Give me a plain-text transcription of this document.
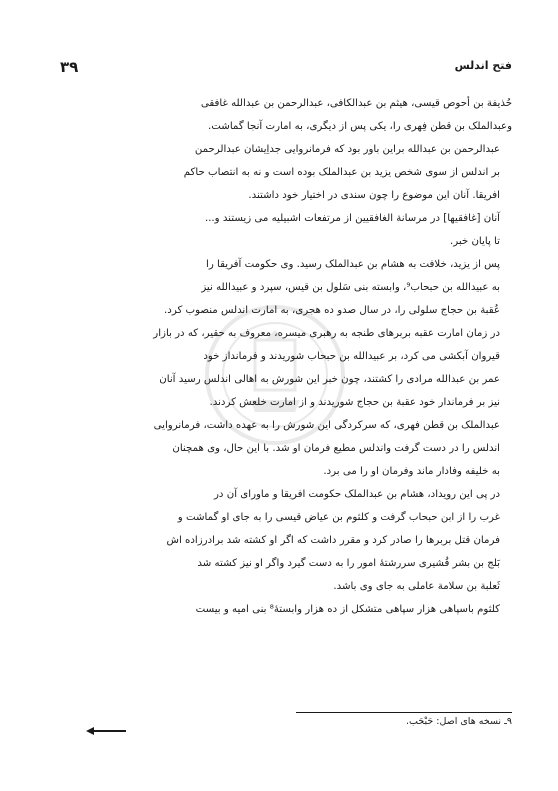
۳۹	فتح اندلس
حُذیفة بن أحوص قیسی، هیثم بن عبدالکافی، عبدالرحمن بن عبدالله غافقی
وعبدالملک بن قطن فِهری را، یکی پس از دیگری، به امارت آنجا گماشت.
عبدالرحمن بن عبدالله براین باور بود که فرمانروایی جداِیشان عبدالرحمن
بر اندلس از سوی شخص یزید بن عبدالملک بوده است و نه به انتصاب حاکم
افریقا. آنان این موضوع را چون سندی در اختیار خود داشتند.
آنان [غافقیها] در مرسانة الغافقیین از مرتفعات اشبیلیه می زیستند و...
تا پایان خبر.
پس از یزید، خلافت به هشام بن عبدالملک رسید. وی حکومت آفریقا را
به عبیدالله بن حبحاب⁹، وابسته بنی سَلول بن قیس، سپرد و عبیدالله نیز
عُقبة بن حجاج سلولی را، در سال صدو ده هجری، به امارت اندلس منصوب کرد.
در زمان امارت عقبه بربرهای طنجه به رهبری میسره، معروف به حقیر، که در بازار
قیروان آبکشی می کرد، بر عبیدالله بن حبحاب شوریدند و فرمانداز خود
عمر بن عبدالله مرادی را کشتند، چون خبر این شورش به اهالی اندلس رسید آنان
نیز بر فرماندار خود عقبة بن حجاج شوریدند و از امارت خلعش کردند.
عبدالملک بن قطن فهری، که سرکردگی این شورش را به عهده داشت، فرمانروایی
اندلس را در دست گرفت واندلس مطیع فرمان او شد. با این حال، وی همچنان
به خلیفه وفادار ماند وفرمان او را می برد.
در پی این رویداد، هشام بن عبدالملک حکومت افریقا و ماورای آن در
غرب را از ابن حبحاب گرفت و کلثوم بن عیاض قیسی را به جای او گماشت و
فرمان قتل بربرها را صادر کرد و مقرر داشت که اگر او کشته شد برادرزاده اش
بَلج بن بشر قُشیری سررشتهٔ امور را به دست گیرد واگر او نیز کشته شد
ثَعلبة بن سلامة عاملی به جای وی باشد.
کلثوم باسپاهی هزار سپاهی متشکل از ده هزار وابستهٔ⁸ بنی امیه و بیست
۹ـ نسخه های اصل: حَبْحَب.
